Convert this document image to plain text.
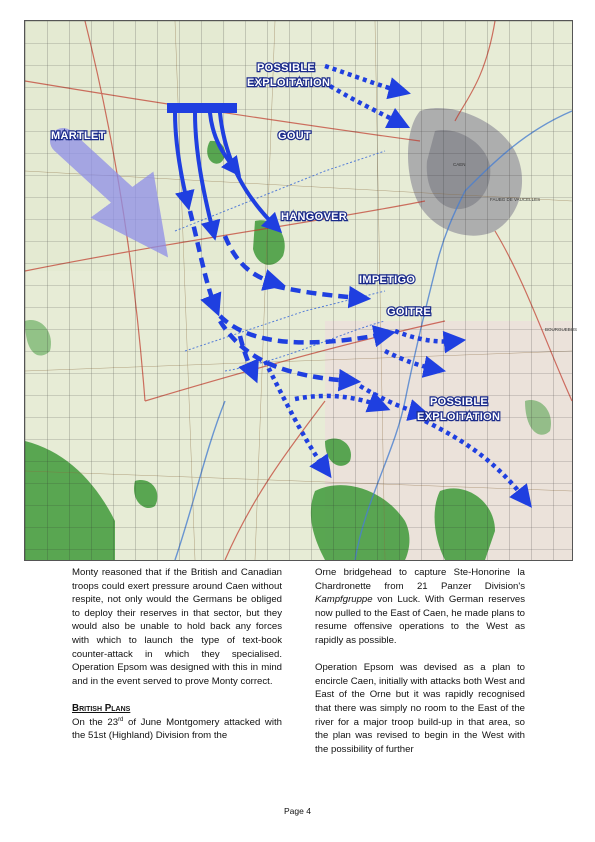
CAEN
FAUBG DE VAUCELLES
BOURGUEBUS
POSSIBLE
EXPLOITATION
MARTLET	GOUT
HANGOVER
IMPETIGO
GOITRE
POSSIBLE
EXPLOITATION

Monty reasoned that if the British and Canadian troops could exert pressure around Caen without respite, not only would the Germans be obliged to deploy their reserves in that sector, but they would also be unable to hold back any forces with which to launch the type of text-book counter-attack in which they specialised. Operation Epsom was designed with this in mind and in the event served to prove Monty correct.

British Plans

On the 23rd of June Montgomery attacked with the 51st (Highland) Division from the

Orne bridgehead to capture Ste-Honorine la Chardronette from 21 Panzer Division's Kampfgruppe von Luck. With German reserves now pulled to the East of Caen, he made plans to resume offensive operations to the West as rapidly as possible.

Operation Epsom was devised as a plan to encircle Caen, initially with attacks both West and East of the Orne but it was rapidly recognised that there was simply no room to the East of the river for a major troop build-up in that area, so the plan was revised to begin in the West with the possibility of further

Page 4
